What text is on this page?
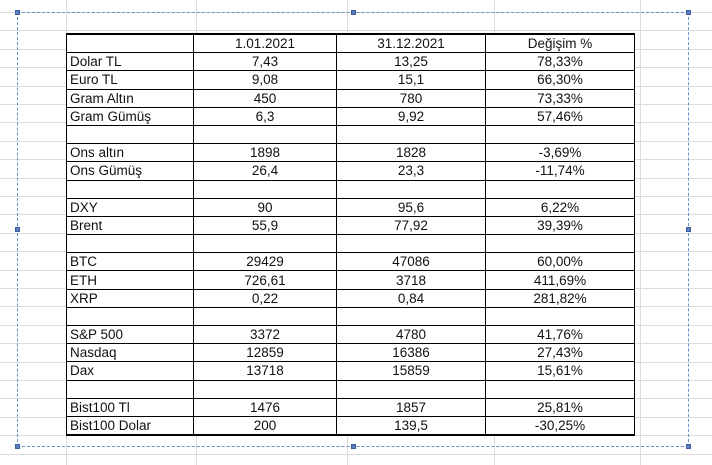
	1.01.2021	31.12.2021	Değişim %
Dolar TL	7,43	13,25	78,33%
Euro TL	9,08	15,1	66,30%
Gram Altın	450	780	73,33%
Gram Gümüş	6,3	9,92	57,46%

Ons altın	1898	1828	-3,69%
Ons Gümüş	26,4	23,3	-11,74%

DXY	90	95,6	6,22%
Brent	55,9	77,92	39,39%

BTC	29429	47086	60,00%
ETH	726,61	3718	411,69%
XRP	0,22	0,84	281,82%

S&P 500	3372	4780	41,76%
Nasdaq	12859	16386	27,43%
Dax	13718	15859	15,61%

Bist100 Tl	1476	1857	25,81%
Bist100 Dolar	200	139,5	-30,25%
